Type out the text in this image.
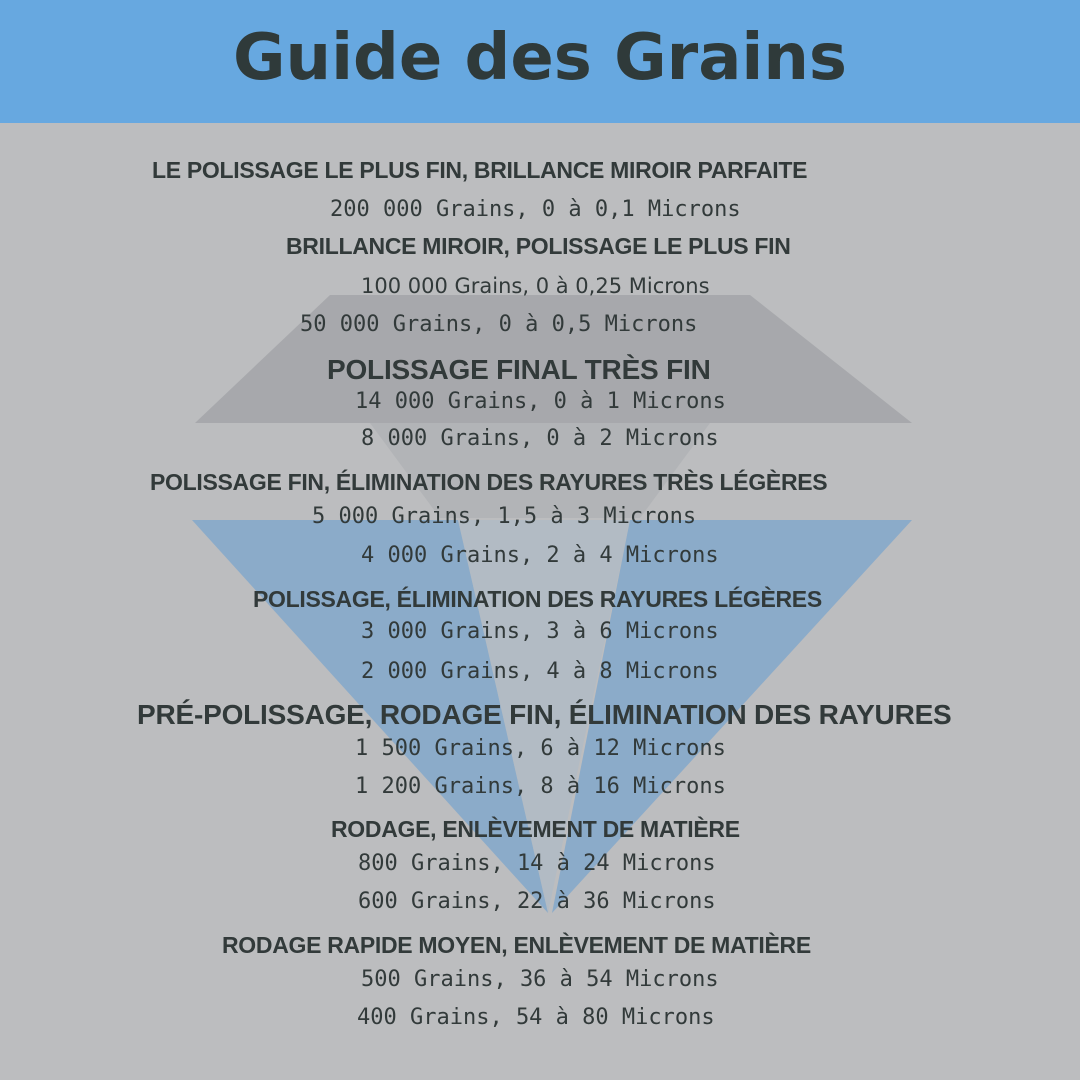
Guide des Grains
LE POLISSAGE LE PLUS FIN, BRILLANCE MIROIR PARFAITE
200 000 Grains, 0 à 0,1 Microns
BRILLANCE MIROIR, POLISSAGE LE PLUS FIN
100 000 Grains, 0 à 0,25 Microns
50 000 Grains, 0 à 0,5 Microns
POLISSAGE FINAL TRÈS FIN
14 000 Grains, 0 à 1 Microns
8 000 Grains, 0 à 2 Microns
POLISSAGE FIN, ÉLIMINATION DES RAYURES TRÈS LÉGÈRES
5 000 Grains, 1,5 à 3 Microns
4 000 Grains, 2 à 4 Microns
POLISSAGE, ÉLIMINATION DES RAYURES LÉGÈRES
3 000 Grains, 3 à 6 Microns
2 000 Grains, 4 à 8 Microns
PRÉ-POLISSAGE, RODAGE FIN, ÉLIMINATION DES RAYURES
1 500 Grains, 6 à 12 Microns
1 200 Grains, 8 à 16 Microns
RODAGE, ENLÈVEMENT DE MATIÈRE
800 Grains, 14 à 24 Microns
600 Grains, 22 à 36 Microns
RODAGE RAPIDE MOYEN, ENLÈVEMENT DE MATIÈRE
500 Grains, 36 à 54 Microns
400 Grains, 54 à 80 Microns
